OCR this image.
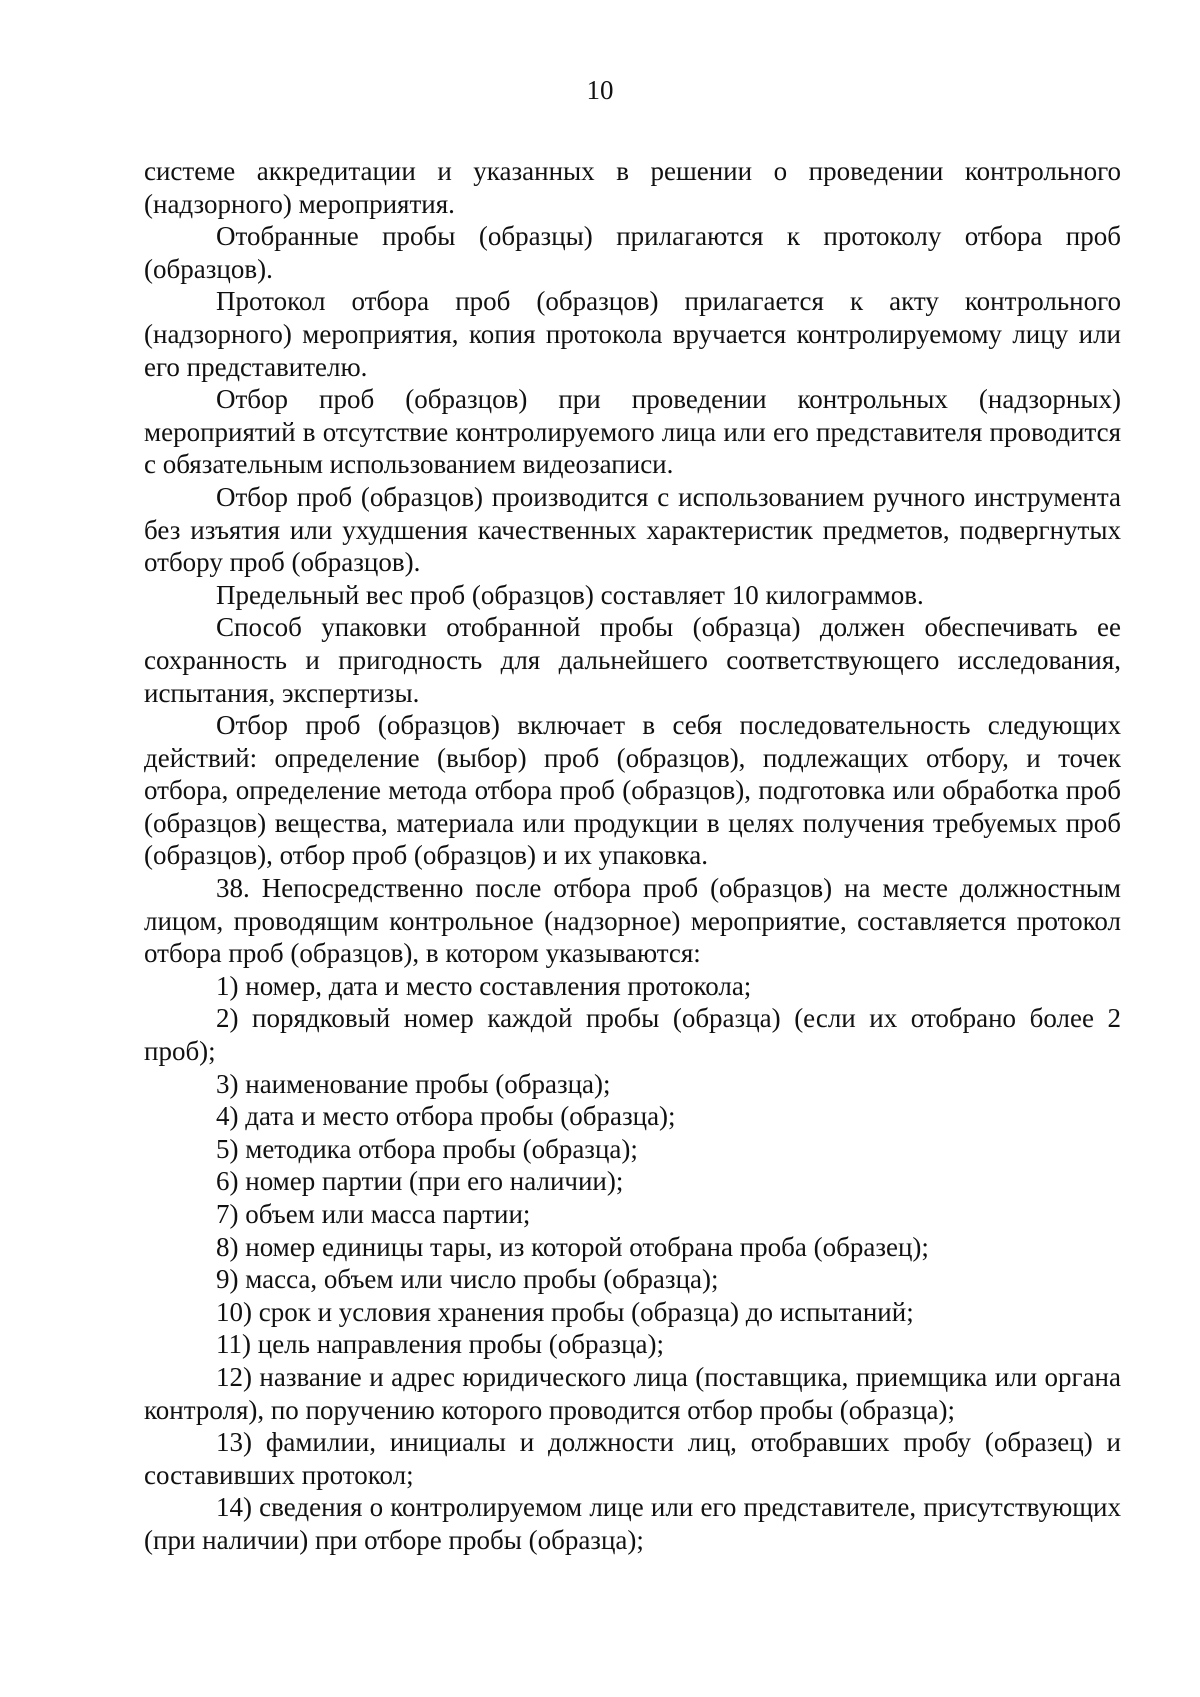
10

системе аккредитации и указанных в решении о проведении контрольного (надзорного) мероприятия.

Отобранные пробы (образцы) прилагаются к протоколу отбора проб (образцов).

Протокол отбора проб (образцов) прилагается к акту контрольного (надзорного) мероприятия, копия протокола вручается контролируемому лицу или его представителю.

Отбор проб (образцов) при проведении контрольных (надзорных) мероприятий в отсутствие контролируемого лица или его представителя проводится с обязательным использованием видеозаписи.

Отбор проб (образцов) производится с использованием ручного инструмента без изъятия или ухудшения качественных характеристик предметов, подвергнутых отбору проб (образцов).

Предельный вес проб (образцов) составляет 10 килограммов.

Способ упаковки отобранной пробы (образца) должен обеспечивать ее сохранность и пригодность для дальнейшего соответствующего исследования, испытания, экспертизы.

Отбор проб (образцов) включает в себя последовательность следующих действий: определение (выбор) проб (образцов), подлежащих отбору, и точек отбора, определение метода отбора проб (образцов), подготовка или обработка проб (образцов) вещества, материала или продукции в целях получения требуемых проб (образцов), отбор проб (образцов) и их упаковка.

38. Непосредственно после отбора проб (образцов) на месте должностным лицом, проводящим контрольное (надзорное) мероприятие, составляется протокол отбора проб (образцов), в котором указываются:

1) номер, дата и место составления протокола;

2) порядковый номер каждой пробы (образца) (если их отобрано более 2 проб);

3) наименование пробы (образца);

4) дата и место отбора пробы (образца);

5) методика отбора пробы (образца);

6) номер партии (при его наличии);

7) объем или масса партии;

8) номер единицы тары, из которой отобрана проба (образец);

9) масса, объем или число пробы (образца);

10) срок и условия хранения пробы (образца) до испытаний;

11) цель направления пробы (образца);

12) название и адрес юридического лица (поставщика, приемщика или органа контроля), по поручению которого проводится отбор пробы (образца);

13) фамилии, инициалы и должности лиц, отобравших пробу (образец) и составивших протокол;

14) сведения о контролируемом лице или его представителе, присутствующих (при наличии) при отборе пробы (образца);
